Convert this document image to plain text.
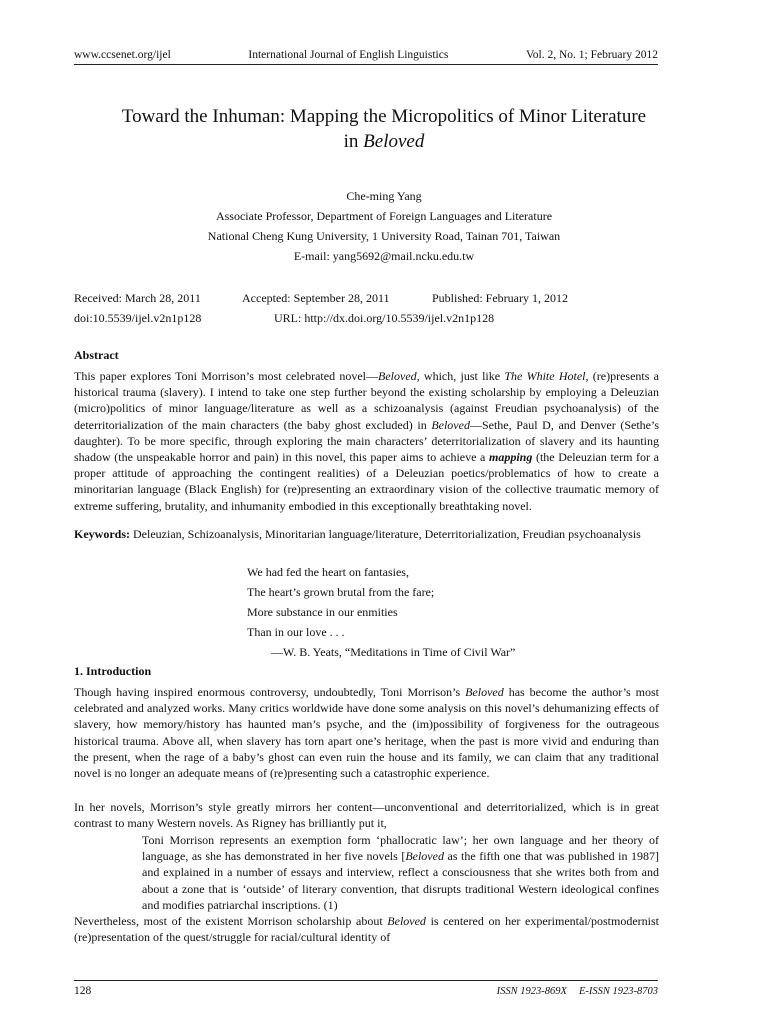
www.ccsenet.org/ijel	International Journal of English Linguistics	Vol. 2, No. 1; February 2012
Toward the Inhuman: Mapping the Micropolitics of Minor Literature
in Beloved
Che-ming Yang
Associate Professor, Department of Foreign Languages and Literature
National Cheng Kung University, 1 University Road, Tainan 701, Taiwan
E-mail: yang5692@mail.ncku.edu.tw
Received: March 28, 2011	Accepted: September 28, 2011	Published: February 1, 2012
doi:10.5539/ijel.v2n1p128	URL: http://dx.doi.org/10.5539/ijel.v2n1p128
Abstract

This paper explores Toni Morrison’s most celebrated novel—Beloved, which, just like The White Hotel, (re)presents a historical trauma (slavery). I intend to take one step further beyond the existing scholarship by employing a Deleuzian (micro)politics of minor language/literature as well as a schizoanalysis (against Freudian psychoanalysis) of the deterritorialization of the main characters (the baby ghost excluded) in Beloved—Sethe, Paul D, and Denver (Sethe’s daughter). To be more specific, through exploring the main characters’ deterritorialization of slavery and its haunting shadow (the unspeakable horror and pain) in this novel, this paper aims to achieve a mapping (the Deleuzian term for a proper attitude of approaching the contingent realities) of a Deleuzian poetics/problematics of how to create a minoritarian language (Black English) for (re)presenting an extraordinary vision of the collective traumatic memory of extreme suffering, brutality, and inhumanity embodied in this exceptionally breathtaking novel.

Keywords: Deleuzian, Schizoanalysis, Minoritarian language/literature, Deterritorialization, Freudian psychoanalysis

We had fed the heart on fantasies,
The heart’s grown brutal from the fare;
More substance in our enmities
Than in our love . . .
—W. B. Yeats, “Meditations in Time of Civil War”
1. Introduction

Though having inspired enormous controversy, undoubtedly, Toni Morrison’s Beloved has become the author’s most celebrated and analyzed works. Many critics worldwide have done some analysis on this novel’s dehumanizing effects of slavery, how memory/history has haunted man’s psyche, and the (im)possibility of forgiveness for the outrageous historical trauma. Above all, when slavery has torn apart one’s heritage, when the past is more vivid and enduring than the present, when the rage of a baby’s ghost can even ruin the house and its family, we can claim that any traditional novel is no longer an adequate means of (re)presenting such a catastrophic experience.

In her novels, Morrison’s style greatly mirrors her content—unconventional and deterritorialized, which is in great contrast to many Western novels. As Rigney has brilliantly put it,

Toni Morrison represents an exemption form ‘phallocratic law’; her own language and her theory of language, as she has demonstrated in her five novels [Beloved as the fifth one that was published in 1987] and explained in a number of essays and interview, reflect a consciousness that she writes both from and about a zone that is ‘outside’ of literary convention, that disrupts traditional Western ideological confines and modifies patriarchal inscriptions. (1)

Nevertheless, most of the existent Morrison scholarship about Beloved is centered on her experimental/postmodernist (re)presentation of the quest/struggle for racial/cultural identity of

128	ISSN 1923-869X E-ISSN 1923-8703
